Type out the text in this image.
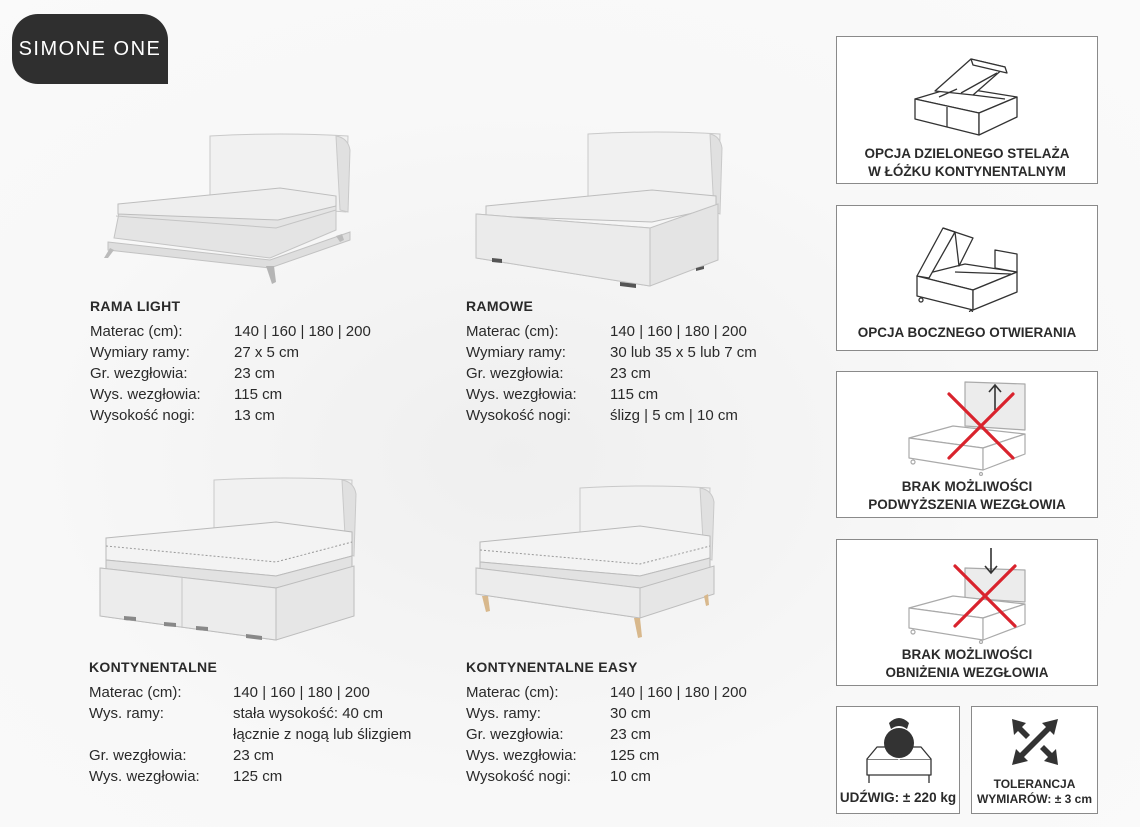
SIMONE ONE
RAMA LIGHT
Materac (cm):	140 | 160 | 180 | 200
Wymiary ramy:	27 x 5 cm
Gr. wezgłowia:	23 cm
Wys. wezgłowia:	115 cm
Wysokość nogi:	13 cm
RAMOWE
Materac (cm):	140 | 160 | 180 | 200
Wymiary ramy:	30 lub 35 x 5 lub 7 cm
Gr. wezgłowia:	23 cm
Wys. wezgłowia:	115 cm
Wysokość nogi:	ślizg | 5 cm | 10 cm
KONTYNENTALNE
Materac (cm):	140 | 160 | 180 | 200
Wys. ramy:	stała wysokość: 40 cm
łącznie z nogą lub ślizgiem
Gr. wezgłowia:	23 cm
Wys. wezgłowia:	125 cm
KONTYNENTALNE EASY
Materac (cm):	140 | 160 | 180 | 200
Wys. ramy:	30 cm
Gr. wezgłowia:	23 cm
Wys. wezgłowia:	125 cm
Wysokość nogi:	10 cm
OPCJA DZIELONEGO STELAŻA
W ŁÓŻKU KONTYNENTALNYM
OPCJA BOCZNEGO OTWIERANIA
BRAK MOŻLIWOŚCI
PODWYŻSZENIA WEZGŁOWIA
BRAK MOŻLIWOŚCI
OBNIŻENIA WEZGŁOWIA
UDŹWIG: ± 220 kg
TOLERANCJA
WYMIARÓW: ± 3 cm
